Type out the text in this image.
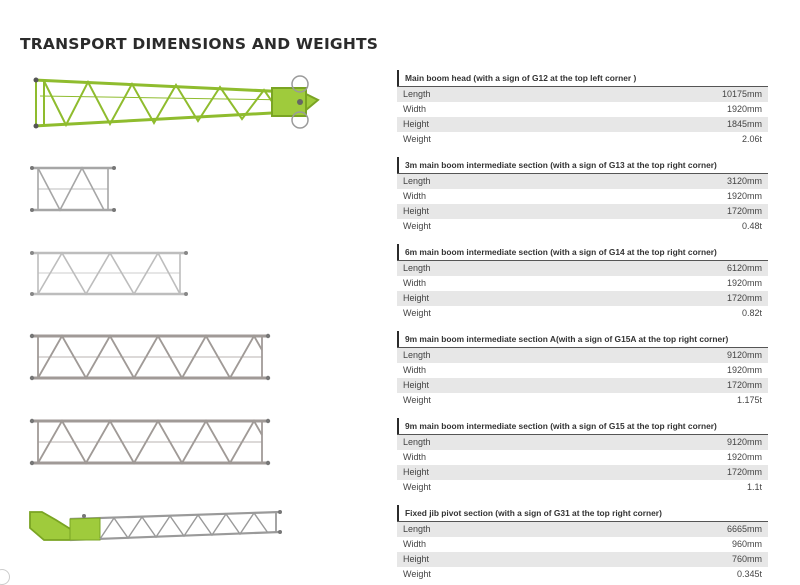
TRANSPORT DIMENSIONS AND WEIGHTS
Main boom head (with a sign of G12 at the top left corner )
Length	10175mm
Width	1920mm
Height	1845mm
Weight	2.06t
3m main boom intermediate section (with a sign of G13 at the top right corner)
Length	3120mm
Width	1920mm
Height	1720mm
Weight	0.48t
6m main boom intermediate section (with a sign of G14 at the top right corner)
Length	6120mm
Width	1920mm
Height	1720mm
Weight	0.82t
9m main boom intermediate section A(with a sign of G15A at the top right corner)
Length	9120mm
Width	1920mm
Height	1720mm
Weight	1.175t
9m main boom intermediate section (with a sign of G15 at the top right corner)
Length	9120mm
Width	1920mm
Height	1720mm
Weight	1.1t
Fixed jib pivot section (with a sign of G31 at the top right corner)
Length	6665mm
Width	960mm
Height	760mm
Weight	0.345t
